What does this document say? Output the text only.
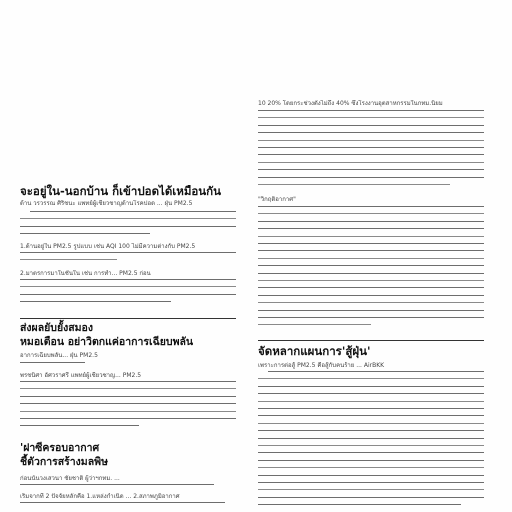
จะอยู่ใน-นอกบ้าน ก็เข้าปอดได้เหมือนกัน
ส่งผลยับยั้งสมอง
หมอเตือน อย่าวิตกแค่อาการเฉียบพลัน
'ฝาซีครอบอากาศ
ชี้ตัวการสร้างมลพิษ
ด้าน วรวรรณ ศิริชนะ แพทย์ผู้เชี่ยวชาญด้านโรคปอด ... ฝุ่น PM2.5
1.ด้านอยู่ใน PM2.5 รูปแบบ เช่น AQI 100 ไม่มีความต่างกับ PM2.5
2.มาตรการมาในชั้นใน เช่น การทำ... PM2.5 ก่อน
อาการเฉียบพลัน... ฝุ่น PM2.5
พรชนิศา อัศวราศรี แพทย์ผู้เชี่ยวชาญ... PM2.5
ก่อนนั้นวงเสวนา ชัยชาติ ผู้ว่าฯกทม. ...
เริ่มจากที่ 2 ปัจจัยหลักคือ 1.แหล่งกำเนิด ... 2.สภาพภูมิอากาศ
จัดหลากแผนการ'สู้ฝุ่น'
10 20% โดยกระช่วงตั้งไม่ถึง 40% ซึ่งโรงงานอุตสาหกรรมในกทม.นิยม
"วิกฤติอากาศ"
เพราะการต่อสู้ PM2.5 คือสู้กับคนร้าย ... AirBKK
